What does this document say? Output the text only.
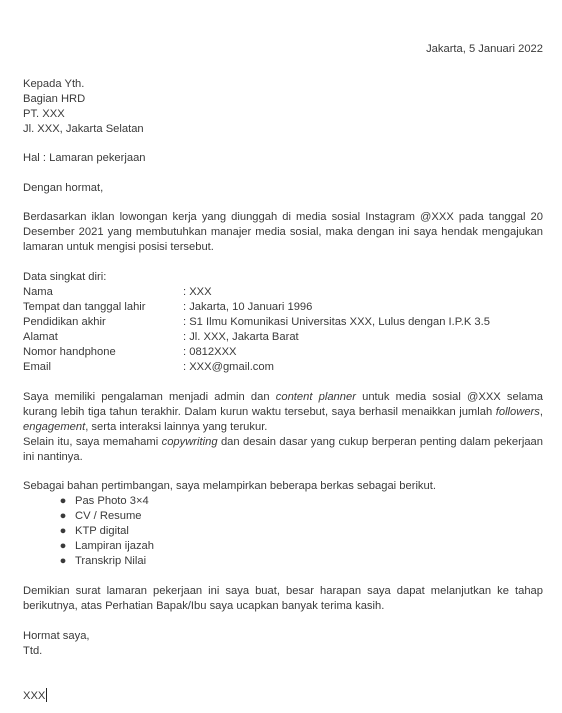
Jakarta, 5 Januari 2022
Kepada Yth.
Bagian HRD
PT. XXX
Jl. XXX, Jakarta Selatan
Hal : Lamaran pekerjaan
Dengan hormat,
Berdasarkan iklan lowongan kerja yang diunggah di media sosial Instagram @XXX pada tanggal 20 Desember 2021 yang membutuhkan manajer media sosial, maka dengan ini saya hendak mengajukan lamaran untuk mengisi posisi tersebut.
Data singkat diri:
Nama	: XXX
Tempat dan tanggal lahir	: Jakarta, 10 Januari 1996
Pendidikan akhir	: S1 Ilmu Komunikasi Universitas XXX, Lulus dengan I.P.K 3.5
Alamat	: Jl. XXX, Jakarta Barat
Nomor handphone	: 0812XXX
Email	: XXX@gmail.com
Saya memiliki pengalaman menjadi admin dan content planner untuk media sosial @XXX selama kurang lebih tiga tahun terakhir. Dalam kurun waktu tersebut, saya berhasil menaikkan jumlah followers, engagement, serta interaksi lainnya yang terukur.
Selain itu, saya memahami copywriting dan desain dasar yang cukup berperan penting dalam pekerjaan ini nantinya.
Sebagai bahan pertimbangan, saya melampirkan beberapa berkas sebagai berikut.
● Pas Photo 3×4
● CV / Resume
● KTP digital
● Lampiran ijazah
● Transkrip Nilai
Demikian surat lamaran pekerjaan ini saya buat, besar harapan saya dapat melanjutkan ke tahap berikutnya, atas Perhatian Bapak/Ibu saya ucapkan banyak terima kasih.
Hormat saya,
Ttd.
XXX
